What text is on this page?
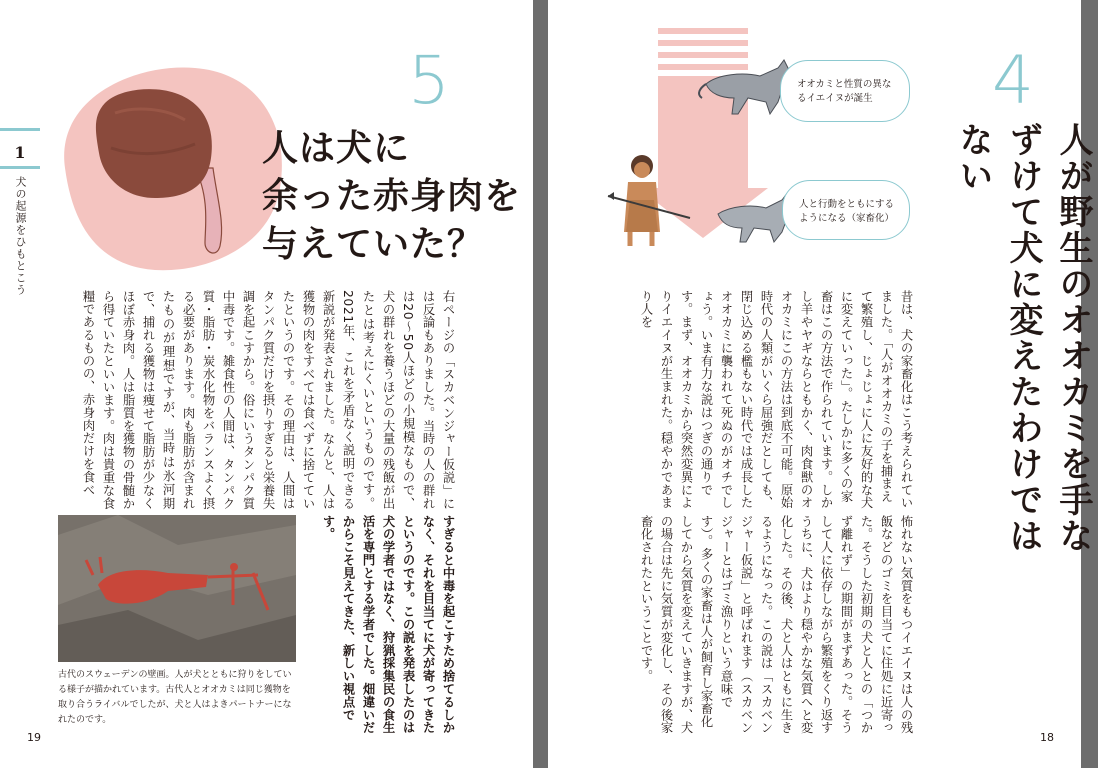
1
犬の起源をひもとこう
5
人は犬に
余った赤身肉を
与えていた？
右ページの「スカベンジャー仮説」には反論もありました。当時の人の群れは20〜50人ほどの小規模なもので、犬の群れを養うほどの大量の残飯が出たとは考えにくいというものです。2021年、これを矛盾なく説明できる新説が発表されました。なんと、人は獲物の肉をすべては食べずに捨てていたというのです。その理由は、人間はタンパク質だけを摂りすぎると栄養失調を起こすから。俗にいうタンパク質中毒です。雑食性の人間は、タンパク質・脂肪・炭水化物をバランスよく摂る必要があります。肉も脂肪が含まれたものが理想ですが、当時は氷河期で、捕れる獲物は痩せて脂肪が少なくほぼ赤身肉。人は脂質を獲物の骨髄から得ていたといいます。肉は貴重な食糧であるものの、赤身肉だけを食べ
古代のスウェーデンの壁画。人が犬とともに狩りをしている様子が描かれています。古代人とオオカミは同じ獲物を取り合うライバルでしたが、犬と人はよきパートナーになれたのです。	すぎると中毒を起こすため捨てるしかなく、それを目当てに犬が寄ってきたというのです。この説を発表したのは犬の学者ではなく、狩猟採集民の食生活を専門とする学者でした。畑違いだからこそ見えてきた、新しい視点です。
19
オオカミと性質の異なるイエイヌが誕生
人と行動をともにするようになる（家畜化）
4
人が野生のオオカミを手なずけて犬に変えたわけではない
昔は、犬の家畜化はこう考えられていました。「人がオオカミの子を捕まえて繁殖し、じょじょに人に友好的な犬に変えていった」。たしかに多くの家畜はこの方法で作られています。しかし羊やヤギならともかく、肉食獣のオオカミにこの方法は到底不可能。原始時代の人類がいくら屈強だとしても、閉じ込める檻もない時代では成長したオオカミに襲われて死ぬのがオチでしょう。いま有力な説はつぎの通りです。まず、オオカミから突然変異によりイエイヌが生まれた。穏やかであまり人を
怖れない気質をもつイエイヌは人の残飯などのゴミを目当てに住処に近寄った。そうした初期の犬と人との「つかず離れず」の期間がまずあった。そうして人に依存しながら繁殖をくり返すうちに、犬はより穏やかな気質へと変化した。その後、犬と人はともに生きるようになった。この説は「スカベンジャー仮説」と呼ばれます（スカベンジャーとはゴミ漁りという意味です）。多くの家畜は人が飼育し家畜化してから気質を変えていきますが、犬の場合は先に気質が変化し、その後家畜化されたということです。
18
